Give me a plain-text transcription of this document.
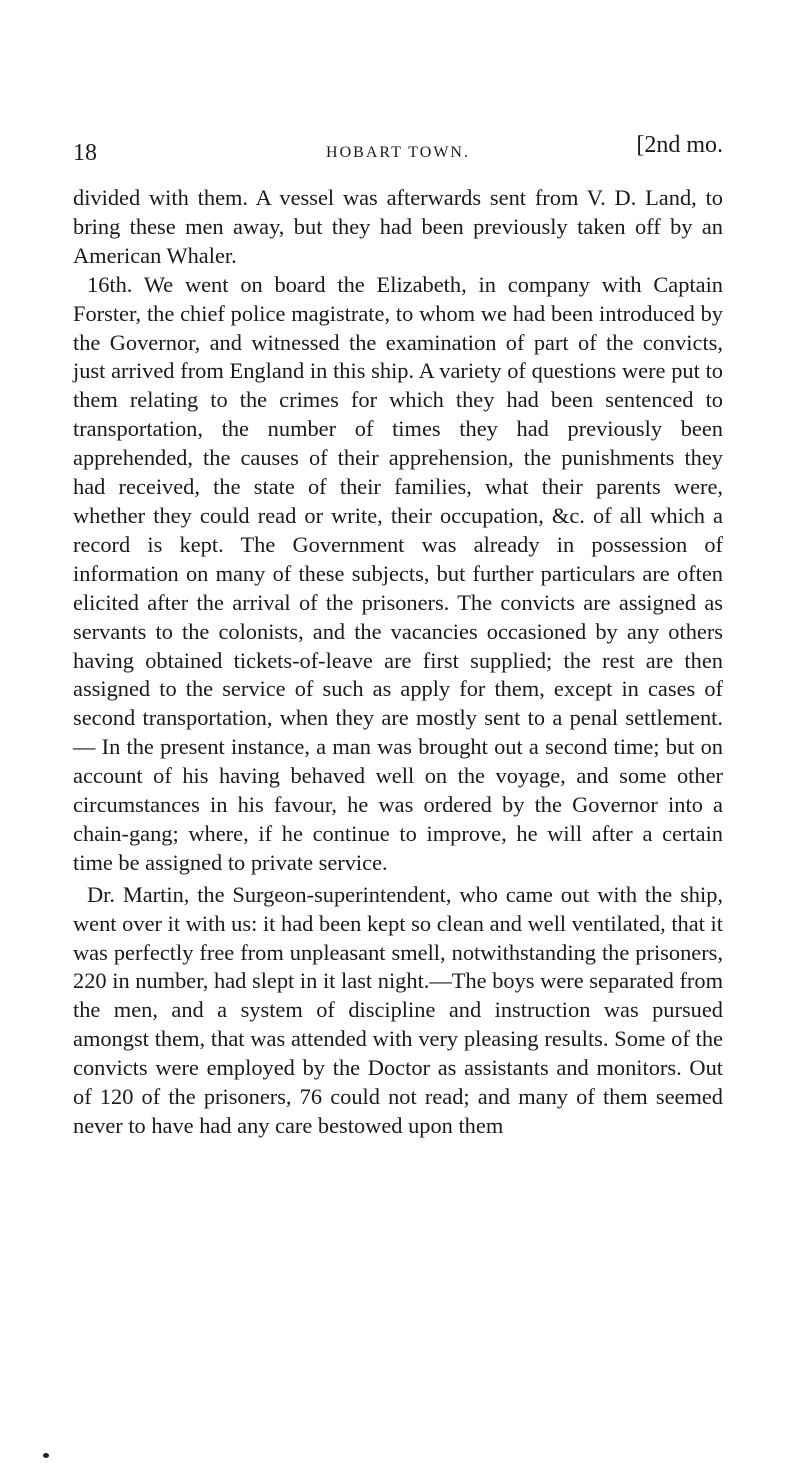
18	HOBART TOWN.	[2nd mo.

divided with them. A vessel was afterwards sent from V. D. Land, to bring these men away, but they had been previously taken off by an American Whaler.

16th. We went on board the Elizabeth, in company with Captain Forster, the chief police magistrate, to whom we had been introduced by the Governor, and witnessed the examination of part of the convicts, just arrived from England in this ship. A variety of questions were put to them relating to the crimes for which they had been sentenced to transportation, the number of times they had previously been apprehended, the causes of their apprehension, the punishments they had received, the state of their families, what their parents were, whether they could read or write, their occupation, &c. of all which a record is kept. The Government was already in possession of information on many of these subjects, but further particulars are often elicited after the arrival of the prisoners. The convicts are assigned as servants to the colonists, and the vacancies occasioned by any others having obtained tickets-of-leave are first supplied; the rest are then assigned to the service of such as apply for them, except in cases of second transportation, when they are mostly sent to a penal settlement.— In the present instance, a man was brought out a second time; but on account of his having behaved well on the voyage, and some other circumstances in his favour, he was ordered by the Governor into a chain-gang; where, if he continue to improve, he will after a certain time be assigned to private service.

Dr. Martin, the Surgeon-superintendent, who came out with the ship, went over it with us: it had been kept so clean and well ventilated, that it was perfectly free from unpleasant smell, notwithstanding the prisoners, 220 in number, had slept in it last night.—The boys were separated from the men, and a system of discipline and instruction was pursued amongst them, that was attended with very pleasing results. Some of the convicts were employed by the Doctor as assistants and monitors. Out of 120 of the prisoners, 76 could not read; and many of them seemed never to have had any care bestowed upon them
